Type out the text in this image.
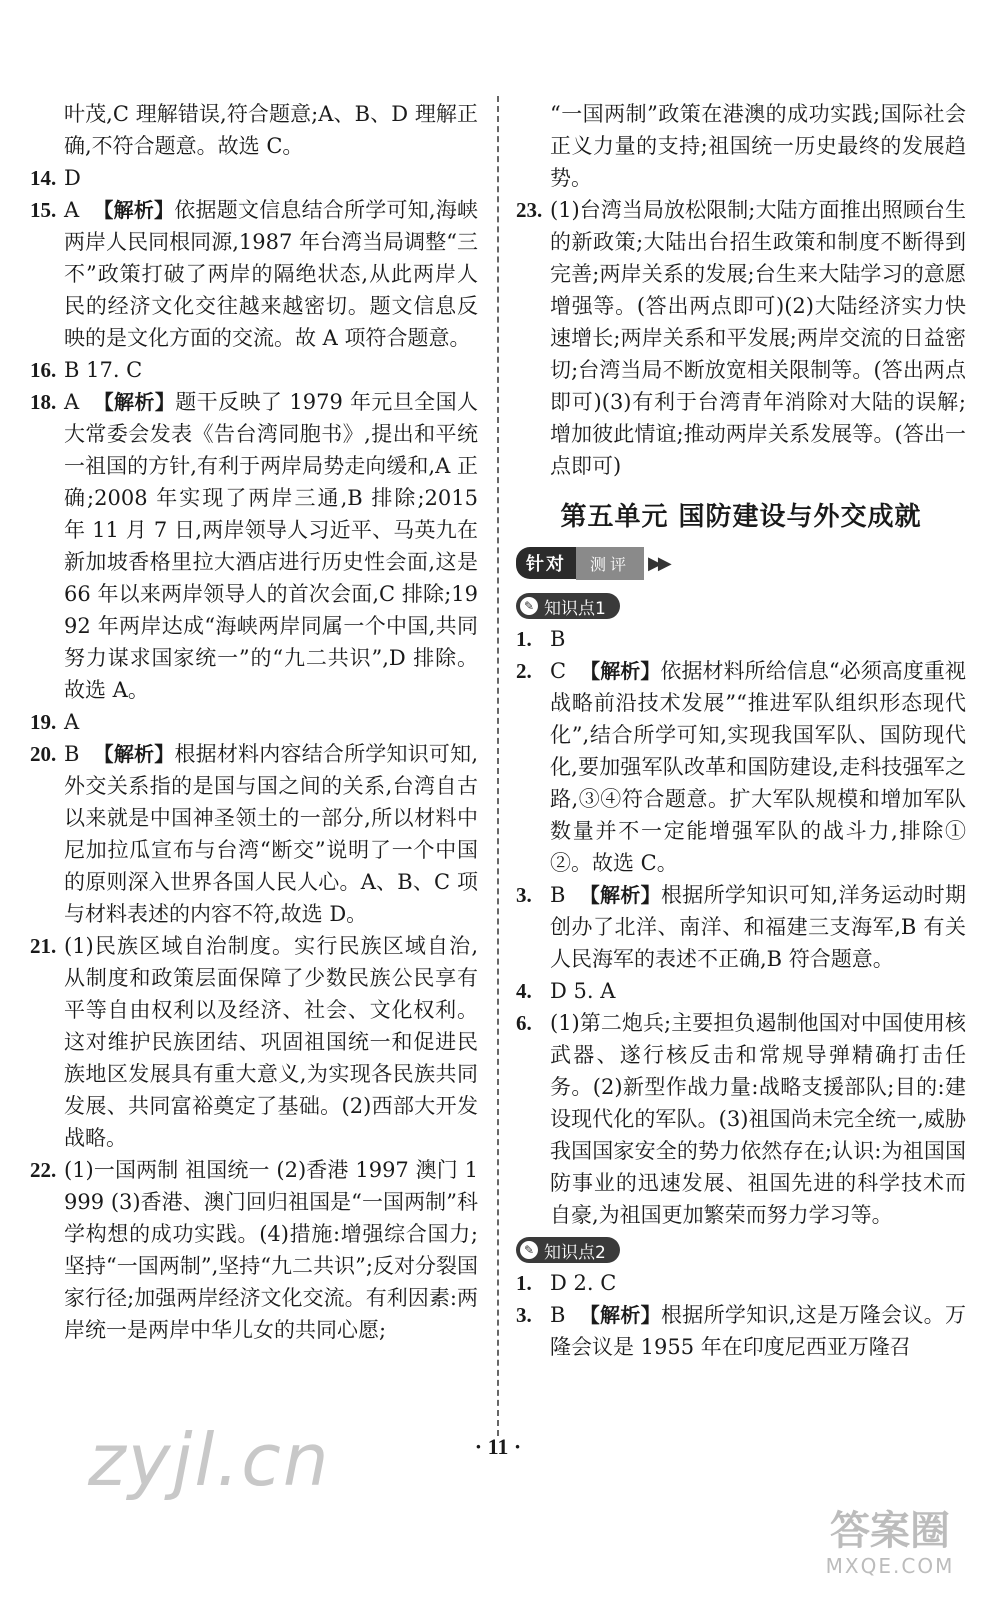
叶茂,C 理解错误,符合题意;A、B、D 理解正确,不符合题意。故选 C。

14. D

15. A 【解析】依据题文信息结合所学可知,海峡两岸人民同根同源,1987 年台湾当局调整“三不”政策打破了两岸的隔绝状态,从此两岸人民的经济文化交往越来越密切。题文信息反映的是文化方面的交流。故 A 项符合题意。

16. B 17. C

18. A 【解析】题干反映了 1979 年元旦全国人大常委会发表《告台湾同胞书》,提出和平统一祖国的方针,有利于两岸局势走向缓和,A 正确;2008 年实现了两岸三通,B 排除;2015 年 11 月 7 日,两岸领导人习近平、马英九在新加坡香格里拉大酒店进行历史性会面,这是 66 年以来两岸领导人的首次会面,C 排除;1992 年两岸达成“海峡两岸同属一个中国,共同努力谋求国家统一”的“九二共识”,D 排除。故选 A。

19. A

20. B 【解析】根据材料内容结合所学知识可知,外交关系指的是国与国之间的关系,台湾自古以来就是中国神圣领土的一部分,所以材料中尼加拉瓜宣布与台湾“断交”说明了一个中国的原则深入世界各国人民人心。A、B、C 项与材料表述的内容不符,故选 D。

21. (1)民族区域自治制度。实行民族区域自治,从制度和政策层面保障了少数民族公民享有平等自由权利以及经济、社会、文化权利。这对维护民族团结、巩固祖国统一和促进民族地区发展具有重大意义,为实现各民族共同发展、共同富裕奠定了基础。(2)西部大开发战略。

22. (1)一国两制 祖国统一 (2)香港 1997 澳门 1999 (3)香港、澳门回归祖国是“一国两制”科学构想的成功实践。(4)措施:增强综合国力;坚持“一国两制”,坚持“九二共识”;反对分裂国家行径;加强两岸经济文化交流。有利因素:两岸统一是两岸中华儿女的共同心愿;

“一国两制”政策在港澳的成功实践;国际社会正义力量的支持;祖国统一历史最终的发展趋势。

23. (1)台湾当局放松限制;大陆方面推出照顾台生的新政策;大陆出台招生政策和制度不断得到完善;两岸关系的发展;台生来大陆学习的意愿增强等。(答出两点即可)(2)大陆经济实力快速增长;两岸关系和平发展;两岸交流的日益密切;台湾当局不断放宽相关限制等。(答出两点即可)(3)有利于台湾青年消除对大陆的误解;增加彼此情谊;推动两岸关系发展等。(答出一点即可)

第五单元 国防建设与外交成就
针对	测评	▶▶
✎ 知识点1

1. B

2. C 【解析】依据材料所给信息“必须高度重视战略前沿技术发展”“推进军队组织形态现代化”,结合所学可知,实现我国军队、国防现代化,要加强军队改革和国防建设,走科技强军之路,③④符合题意。扩大军队规模和增加军队数量并不一定能增强军队的战斗力,排除①②。故选 C。

3. B 【解析】根据所学知识可知,洋务运动时期创办了北洋、南洋、和福建三支海军,B 有关人民海军的表述不正确,B 符合题意。

4. D 5. A

6. (1)第二炮兵;主要担负遏制他国对中国使用核武器、遂行核反击和常规导弹精确打击任务。(2)新型作战力量:战略支援部队;目的:建设现代化的军队。(3)祖国尚未完全统一,威胁我国国家安全的势力依然存在;认识:为祖国国防事业的迅速发展、祖国先进的科学技术而自豪,为祖国更加繁荣而努力学习等。

✎ 知识点2

1. D 2. C

3. B 【解析】根据所学知识,这是万隆会议。万隆会议是 1955 年在印度尼西亚万隆召

· 11 ·
zyjl.cn
答案圈
MXQE.COM
